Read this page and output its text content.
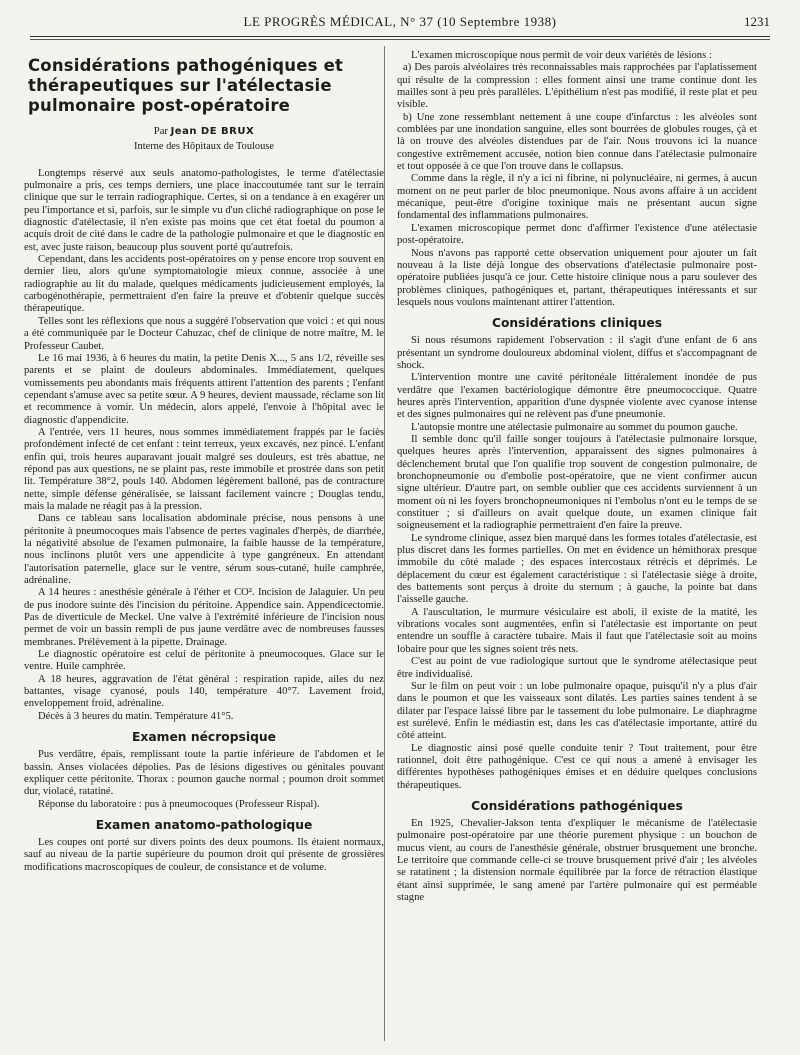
LE PROGRÈS MÉDICAL, N° 37 (10 Septembre 1938)	1231
Considérations pathogéniques et thérapeutiques sur l'atélectasie pulmonaire post-opératoire
Par Jean DE BRUX
Interne des Hôpitaux de Toulouse

Longtemps réservé aux seuls anatomo-pathologistes, le terme d'atélectasie pulmonaire a pris, ces temps derniers, une place inaccoutumée tant sur le terrain clinique que sur le terrain radiographique. Certes, si on a tendance à en exagérer un peu l'importance et si, parfois, sur le simple vu d'un cliché radiographique on pose le diagnostic d'atélectasie, il n'en existe pas moins que cet état foetal du poumon a acquis droit de cité dans le cadre de la pathologie pulmonaire et que le diagnostic en est, avec juste raison, beaucoup plus souvent porté qu'autrefois.

Cependant, dans les accidents post-opératoires on y pense encore trop souvent en dernier lieu, alors qu'une symptomatologie mieux connue, associée à une radiographie au lit du malade, quelques médicaments judicieusement employés, la carbogénothérapie, permettraient d'en faire la preuve et d'obtenir quelque succès thérapeutique.

Telles sont les réflexions que nous a suggéré l'observation que voici : et qui nous a été communiquée par le Docteur Cahuzac, chef de clinique de notre maître, M. le Professeur Caubet.

Le 16 mai 1936, à 6 heures du matin, la petite Denis X..., 5 ans 1/2, réveille ses parents et se plaint de douleurs abdominales. Immédiatement, quelques vomissements peu abondants mais fréquents attirent l'attention des parents ; l'enfant cependant s'amuse avec sa petite sœur. A 9 heures, devient maussade, réclame son lit et recommence à vomir. Un médecin, alors appelé, l'envoie à l'hôpital avec le diagnostic d'appendicite.

A l'entrée, vers 11 heures, nous sommes immédiatement frappés par le faciès profondément infecté de cet enfant : teint terreux, yeux excavés, nez pincé. L'enfant enfin qui, trois heures auparavant jouait malgré ses douleurs, est très abattue, ne répond pas aux questions, ne se plaint pas, reste immobile et prostrée dans son petit lit. Température 38°2, pouls 140. Abdomen légèrement balloné, pas de contracture nette, simple défense généralisée, se laissant facilement vaincre ; Douglas tendu, mais la malade ne réagit pas à la pression.

Dans ce tableau sans localisation abdominale précise, nous pensons à une péritonite à pneumocoques mais l'absence de pertes vaginales d'herpès, de diarrhée, la négativité absolue de l'examen pulmonaire, la faible hausse de la température, nous inclinons plutôt vers une appendicite à type gangréneux. En attendant l'autorisation paternelle, glace sur le ventre, sérum sous-cutané, huile camphrée, adrénaline.

A 14 heures : anesthésie générale à l'éther et CO². Incision de Jalaguier. Un peu de pus inodore suinte dès l'incision du péritoine. Appendice sain. Appendicectomie. Pas de diverticule de Meckel. Une valve à l'extrémité inférieure de l'incision nous permet de voir un bassin rempli de pus jaune verdâtre avec de nombreuses fausses membranes. Prélèvement à la pipette. Drainage.

Le diagnostic opératoire est celui de péritonite à pneumocoques. Glace sur le ventre. Huile camphrée.

A 18 heures, aggravation de l'état général : respiration rapide, ailes du nez battantes, visage cyanosé, pouls 140, température 40°7. Lavement froid, enveloppement froid, adrénaline.

Décès à 3 heures du matin. Température 41°5.

Examen nécropsique

Pus verdâtre, épais, remplissant toute la partie inférieure de l'abdomen et le bassin. Anses violacées dépolies. Pas de lésions digestives ou génitales pouvant expliquer cette péritonite. Thorax : poumon gauche normal ; poumon droit sommet dur, violacé, ratatiné.

Réponse du laboratoire : pus à pneumocoques (Professeur Rispal).

Examen anatomo-pathologique

Les coupes ont porté sur divers points des deux poumons. Ils étaient normaux, sauf au niveau de la partie supérieure du poumon droit qui présente de grossières modifications macroscopiques de couleur, de consistance et de volume.

L'examen microscopique nous permit de voir deux variétés de lésions :

a) Des parois alvéolaires très reconnaissables mais rapprochées par l'aplatissement qui résulte de la compression : elles forment ainsi une trame continue dont les mailles sont à peu près parallèles. L'épithélium n'est pas modifié, il reste plat et peu visible.

b) Une zone ressemblant nettement à une coupe d'infarctus : les alvéoles sont comblées par une inondation sanguine, elles sont bourrées de globules rouges, çà et là on trouve des alvéoles distendues par de l'air. Nous trouvons ici la nuance congestive extrêmement accusée, notion bien connue dans l'atélectasie pulmonaire et tout opposée à ce que l'on trouve dans le collapsus.

Comme dans la règle, il n'y a ici ni fibrine, ni polynucléaire, ni germes, à aucun moment on ne peut parler de bloc pneumonique. Nous avons affaire à un accident mécanique, peut-être d'origine toxinique mais ne présentant aucun signe fondamental des inflammations pulmonaires.

L'examen microscopique permet donc d'affirmer l'existence d'une atélectasie post-opératoire.

Nous n'avons pas rapporté cette observation uniquement pour ajouter un fait nouveau à la liste déjà longue des observations d'atélectasie pulmonaire post-opératoire publiées jusqu'à ce jour. Cette histoire clinique nous a paru soulever des problèmes cliniques, pathogéniques et, partant, thérapeutiques intéressants et sur lesquels nous voulons maintenant attirer l'attention.

Considérations cliniques

Si nous résumons rapidement l'observation : il s'agit d'une enfant de 6 ans présentant un syndrome douloureux abdominal violent, diffus et s'accompagnant de shock.

L'intervention montre une cavité péritonéale littéralement inondée de pus verdâtre que l'examen bactériologique démontre être pneumococcique. Quatre heures après l'intervention, apparition d'une dyspnée violente avec cyanose intense et des signes pulmonaires qui ne relèvent pas d'une pneumonie.

L'autopsie montre une atélectasie pulmonaire au sommet du poumon gauche.

Il semble donc qu'il faille songer toujours à l'atélectasie pulmonaire lorsque, quelques heures après l'intervention, apparaissent des signes pulmonaires à déclenchement brutal que l'on qualifie trop souvent de congestion pulmonaire, de bronchopneumonie ou d'embolie post-opératoire, que ne vient confirmer aucun signe ultérieur. D'autre part, on semble oublier que ces accidents surviennent à un moment où ni les foyers bronchopneumoniques ni l'embolus n'ont eu le temps de se constituer ; si d'ailleurs on avait quelque doute, un examen clinique fait soigneusement et la radiographie permettraient d'en faire la preuve.

Le syndrome clinique, assez bien marqué dans les formes totales d'atélectasie, est plus discret dans les formes partielles. On met en évidence un hémithorax presque immobile du côté malade ; des espaces intercostaux rétrécis et déprimés. Le déplacement du cœur est également caractéristique : si l'atélectasie siège à droite, des battements sont perçus à droite du sternum ; à gauche, la pointe bat dans l'aisselle gauche.

A l'auscultation, le murmure vésiculaire est aboli, il existe de la matité, les vibrations vocales sont augmentées, enfin si l'atélectasie est importante on peut entendre un souffle à caractère tubaire. Mais il faut que l'atélectasie soit au moins lobaire pour que les signes soient très nets.

C'est au point de vue radiologique surtout que le syndrome atélectasique peut être individualisé.

Sur le film on peut voir : un lobe pulmonaire opaque, puisqu'il n'y a plus d'air dans le poumon et que les vaisseaux sont dilatés. Les parties saines tendent à se dilater par l'espace laissé libre par le tassement du lobe pulmonaire. Le diaphragme est surélevé. Enfin le médiastin est, dans les cas d'atélectasie importante, attiré du côté atteint.

Le diagnostic ainsi posé quelle conduite tenir ? Tout traitement, pour être rationnel, doit être pathogénique. C'est ce qui nous a amené à envisager les différentes hypothèses pathogéniques émises et en déduire quelques conclusions thérapeutiques.

Considérations pathogéniques

En 1925, Chevalier-Jakson tenta d'expliquer le mécanisme de l'atélectasie pulmonaire post-opératoire par une théorie purement physique : un bouchon de mucus vient, au cours de l'anesthésie générale, obstruer brusquement une bronche. Le territoire que commande celle-ci se trouve brusquement privé d'air ; les alvéoles se ratatinent ; la distension normale équilibrée par la force de rétraction élastique étant ainsi supprimée, le sang amené par l'artère pulmonaire qui est perméable stagne
